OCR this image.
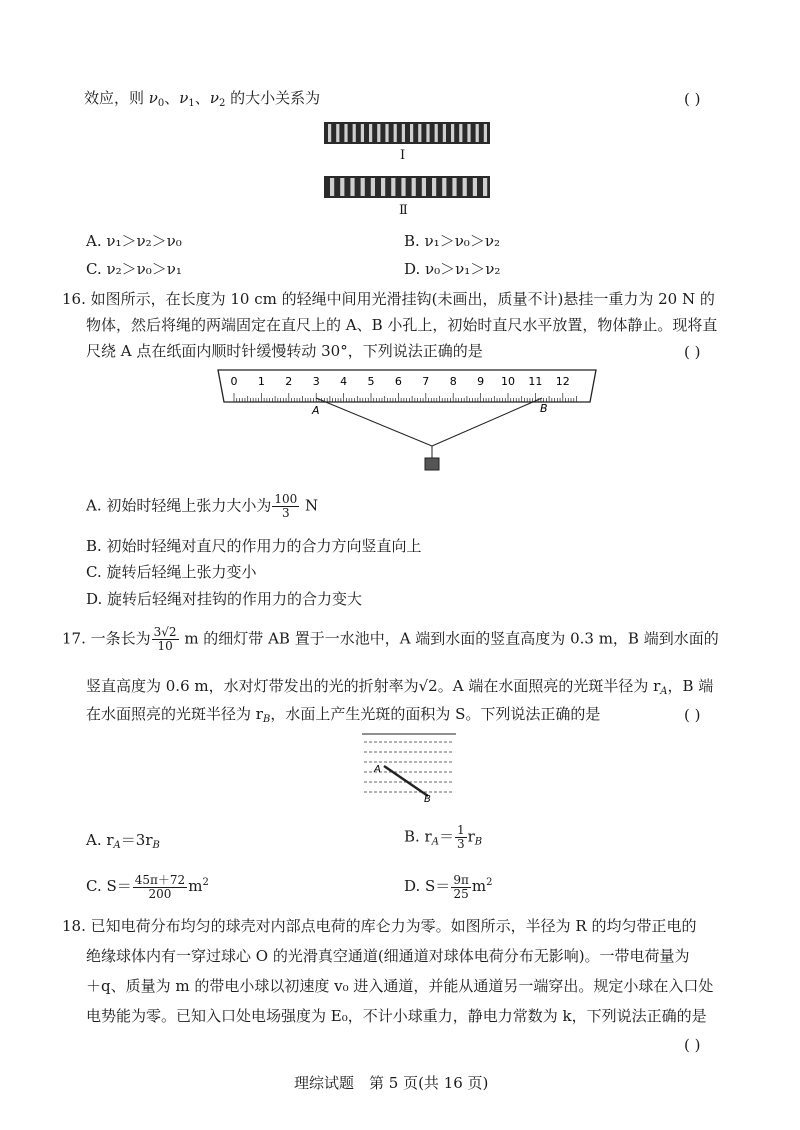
效应，则 $\nu_0$、$\nu_1$、$\nu_2$ 的大小关系为	( )
Ⅰ
Ⅱ
A. ν₁＞ν₂＞ν₀	B. ν₁＞ν₀＞ν₂
C. ν₂＞ν₀＞ν₁	D. ν₀＞ν₁＞ν₂
16. 如图所示，在长度为 10 cm 的轻绳中间用光滑挂钩(未画出，质量不计)悬挂一重力为 20 N 的
物体，然后将绳的两端固定在直尺上的 A、B 小孔上，初始时直尺水平放置，物体静止。现将直
尺绕 A 点在纸面内顺时针缓慢转动 30°，下列说法正确的是	( )
0 1 2 3 4 5 6 7 8 9 10 11 12
A	B
A. 初始时轻绳上张力大小为 $\frac{100}{3}$ N
B. 初始时轻绳对直尺的作用力的合力方向竖直向上
C. 旋转后轻绳上张力变小
D. 旋转后轻绳对挂钩的作用力的合力变大
17. 一条长为 $\frac{3√2}{10}$ m 的细灯带 AB 置于一水池中，A 端到水面的竖直高度为 0.3 m，B 端到水面的
竖直高度为 0.6 m，水对灯带发出的光的折射率为√2。A 端在水面照亮的光斑半径为 $r_A$，B 端
在水面照亮的光斑半径为 $r_B$，水面上产生光斑的面积为 S。下列说法正确的是	( )
A
B
A. $r_A=3r_B$	B. $r_A= \frac{1}{3} r_B$
C. $S= \frac{45\pi+72}{200} m^2$	D. $S= \frac{9\pi}{25} m^2$
18. 已知电荷分布均匀的球壳对内部点电荷的库仑力为零。如图所示，半径为 R 的均匀带正电的
绝缘球体内有一穿过球心 O 的光滑真空通道(细通道对球体电荷分布无影响)。一带电荷量为
＋q、质量为 m 的带电小球以初速度 v₀ 进入通道，并能从通道另一端穿出。规定小球在入口处
电势能为零。已知入口处电场强度为 E₀，不计小球重力，静电力常数为 k，下列说法正确的是
( )
理综试题　第 5 页(共 16 页)
